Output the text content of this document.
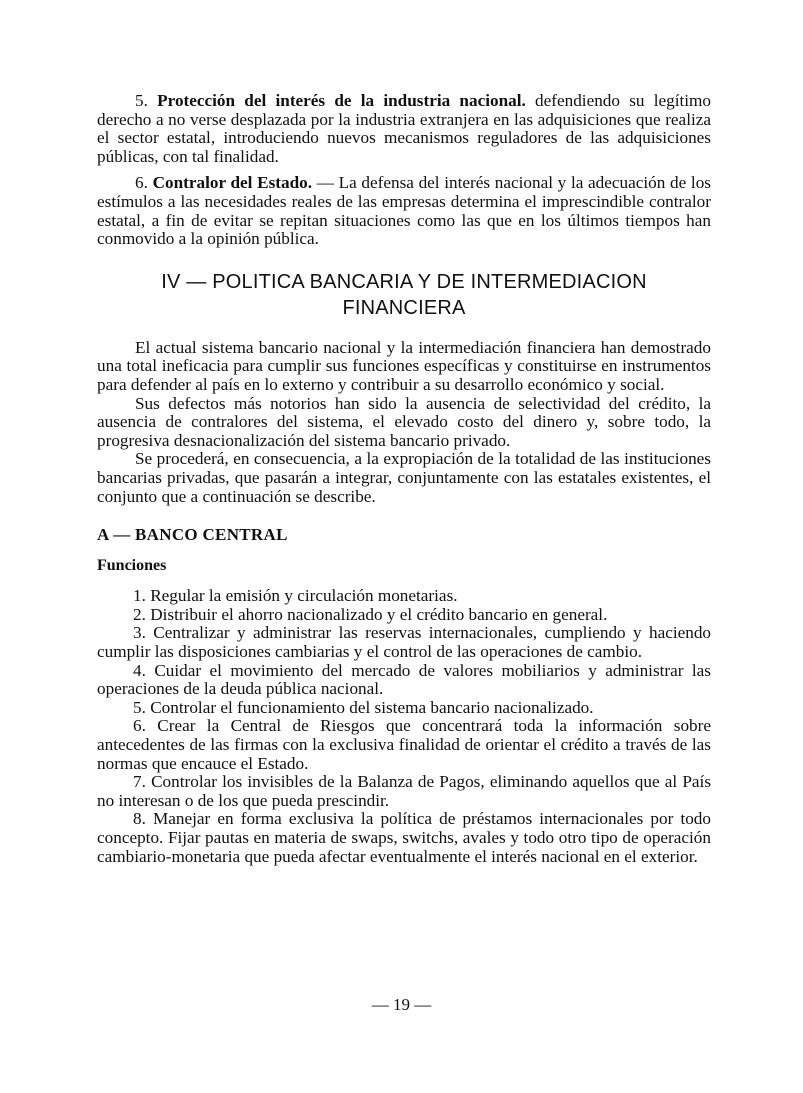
5. Protección del interés de la industria nacional. defendiendo su legítimo derecho a no verse desplazada por la industria extranjera en las adquisiciones que realiza el sector estatal, introduciendo nuevos mecanismos reguladores de las adquisiciones públicas, con tal finalidad.

6. Contralor del Estado. — La defensa del interés nacional y la adecuación de los estímulos a las necesidades reales de las empresas determina el imprescindible contralor estatal, a fin de evitar se repitan situaciones como las que en los últimos tiempos han conmovido a la opinión pública.

IV — POLITICA BANCARIA Y DE INTERMEDIACION
FINANCIERA

El actual sistema bancario nacional y la intermediación financiera han demostrado una total ineficacia para cumplir sus funciones específicas y constituirse en instrumentos para defender al país en lo externo y contribuir a su desarrollo económico y social.

Sus defectos más notorios han sido la ausencia de selectividad del crédito, la ausencia de contralores del sistema, el elevado costo del dinero y, sobre todo, la progresiva desnacionalización del sistema bancario privado.

Se procederá, en consecuencia, a la expropiación de la totalidad de las instituciones bancarias privadas, que pasarán a integrar, conjuntamente con las estatales existentes, el conjunto que a continuación se describe.

A — BANCO CENTRAL
Funciones

1. Regular la emisión y circulación monetarias.

2. Distribuir el ahorro nacionalizado y el crédito bancario en general.

3. Centralizar y administrar las reservas internacionales, cumpliendo y haciendo cumplir las disposiciones cambiarias y el control de las operaciones de cambio.

4. Cuidar el movimiento del mercado de valores mobiliarios y administrar las operaciones de la deuda pública nacional.

5. Controlar el funcionamiento del sistema bancario nacionalizado.

6. Crear la Central de Riesgos que concentrará toda la información sobre antecedentes de las firmas con la exclusiva finalidad de orientar el crédito a través de las normas que encauce el Estado.

7. Controlar los invisibles de la Balanza de Pagos, eliminando aquellos que al País no interesan o de los que pueda prescindir.

8. Manejar en forma exclusiva la política de préstamos internacionales por todo concepto. Fijar pautas en materia de swaps, switchs, avales y todo otro tipo de operación cambiario-monetaria que pueda afectar eventualmente el interés nacional en el exterior.

— 19 —
